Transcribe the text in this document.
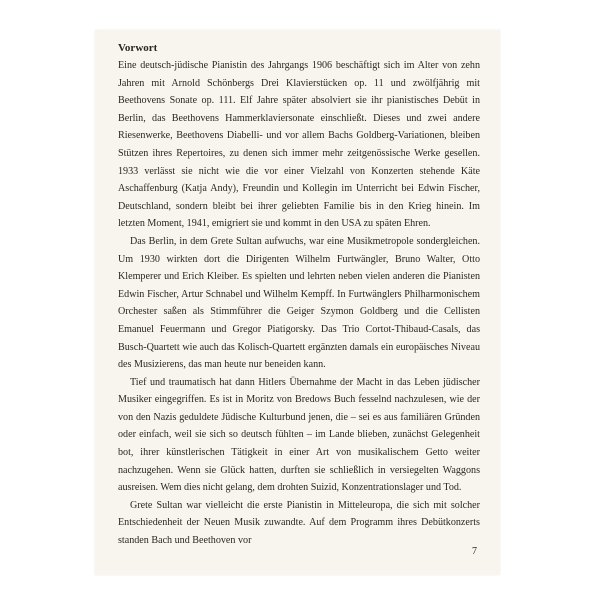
Vorwort

Eine deutsch-jüdische Pianistin des Jahrgangs 1906 beschäftigt sich im Alter von zehn Jahren mit Arnold Schönbergs Drei Klavierstücken op. 11 und zwölfjährig mit Beethovens Sonate op. 111. Elf Jahre später absolviert sie ihr pianistisches Debüt in Berlin, das Beethovens Hammerklaviersonate einschließt. Dieses und zwei andere Riesenwerke, Beethovens Diabelli- und vor allem Bachs Goldberg-Variationen, bleiben Stützen ihres Repertoires, zu denen sich immer mehr zeitgenössische Werke gesellen. 1933 verlässt sie nicht wie die vor einer Vielzahl von Konzerten stehende Käte Aschaffenburg (Katja Andy), Freundin und Kollegin im Unterricht bei Edwin Fischer, Deutschland, sondern bleibt bei ihrer geliebten Familie bis in den Krieg hinein. Im letzten Moment, 1941, emigriert sie und kommt in den USA zu späten Ehren.

Das Berlin, in dem Grete Sultan aufwuchs, war eine Musikmetropole sondergleichen. Um 1930 wirkten dort die Dirigenten Wilhelm Furtwängler, Bruno Walter, Otto Klemperer und Erich Kleiber. Es spielten und lehrten neben vielen anderen die Pianisten Edwin Fischer, Artur Schnabel und Wilhelm Kempff. In Furtwänglers Philharmonischem Orchester saßen als Stimmführer die Geiger Szymon Goldberg und die Cellisten Emanuel Feuermann und Gregor Piatigorsky. Das Trio Cortot-Thibaud-Casals, das Busch-Quartett wie auch das Kolisch-Quartett ergänzten damals ein europäisches Niveau des Musizierens, das man heute nur beneiden kann.

Tief und traumatisch hat dann Hitlers Übernahme der Macht in das Leben jüdischer Musiker eingegriffen. Es ist in Moritz von Bredows Buch fesselnd nachzulesen, wie der von den Nazis geduldete Jüdische Kulturbund jenen, die – sei es aus familiären Gründen oder einfach, weil sie sich so deutsch fühlten – im Lande blieben, zunächst Gelegenheit bot, ihrer künstlerischen Tätigkeit in einer Art von musikalischem Getto weiter nachzugehen. Wenn sie Glück hatten, durften sie schließlich in versiegelten Waggons ausreisen. Wem dies nicht gelang, dem drohten Suizid, Konzentrationslager und Tod.

Grete Sultan war vielleicht die erste Pianistin in Mitteleuropa, die sich mit solcher Entschiedenheit der Neuen Musik zuwandte. Auf dem Programm ihres Debütkonzerts standen Bach und Beethoven vor

7
